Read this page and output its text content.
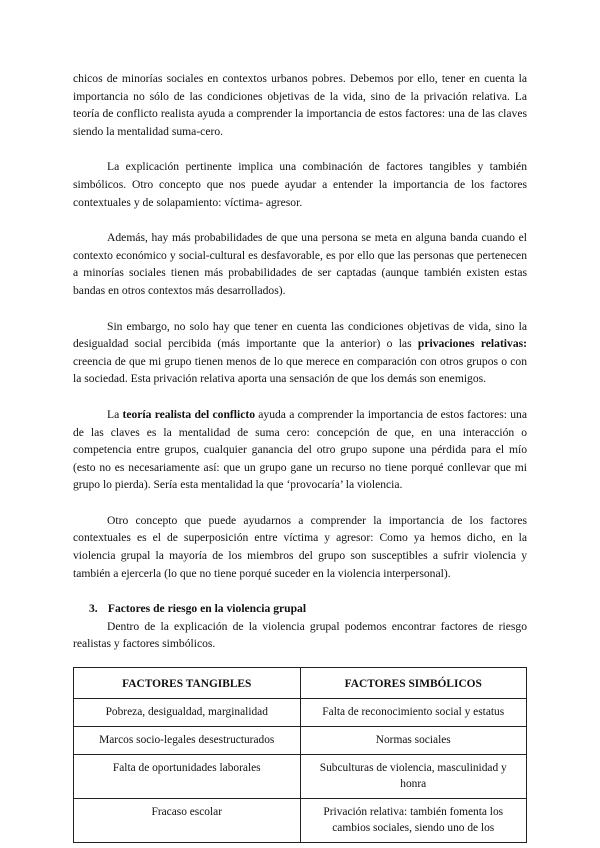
chicos de minorías sociales en contextos urbanos pobres. Debemos por ello, tener en cuenta la importancia no sólo de las condiciones objetivas de la vida, sino de la privación relativa. La teoría de conflicto realista ayuda a comprender la importancia de estos factores: una de las claves siendo la mentalidad suma-cero.

La explicación pertinente implica una combinación de factores tangibles y también simbólicos. Otro concepto que nos puede ayudar a entender la importancia de los factores contextuales y de solapamiento: víctima- agresor.

Además, hay más probabilidades de que una persona se meta en alguna banda cuando el contexto económico y social-cultural es desfavorable, es por ello que las personas que pertenecen a minorías sociales tienen más probabilidades de ser captadas (aunque también existen estas bandas en otros contextos más desarrollados).

Sin embargo, no solo hay que tener en cuenta las condiciones objetivas de vida, sino la desigualdad social percibida (más importante que la anterior) o las privaciones relativas: creencia de que mi grupo tienen menos de lo que merece en comparación con otros grupos o con la sociedad. Esta privación relativa aporta una sensación de que los demás son enemigos.

La teoría realista del conflicto ayuda a comprender la importancia de estos factores: una de las claves es la mentalidad de suma cero: concepción de que, en una interacción o competencia entre grupos, cualquier ganancia del otro grupo supone una pérdida para el mío (esto no es necesariamente así: que un grupo gane un recurso no tiene porqué conllevar que mi grupo lo pierda). Sería esta mentalidad la que ‘provocaría’ la violencia.

Otro concepto que puede ayudarnos a comprender la importancia de los factores contextuales es el de superposición entre víctima y agresor: Como ya hemos dicho, en la violencia grupal la mayoría de los miembros del grupo son susceptibles a sufrir violencia y también a ejercerla (lo que no tiene porqué suceder en la violencia interpersonal).

3. Factores de riesgo en la violencia grupal

Dentro de la explicación de la violencia grupal podemos encontrar factores de riesgo realistas y factores simbólicos.

FACTORES TANGIBLES	FACTORES SIMBÓLICOS
Pobreza, desigualdad, marginalidad	Falta de reconocimiento social y estatus
Marcos socio-legales desestructurados	Normas sociales
Falta de oportunidades laborales	Subculturas de violencia, masculinidad y honra
Fracaso escolar	Privación relativa: también fomenta los cambios sociales, siendo uno de los
